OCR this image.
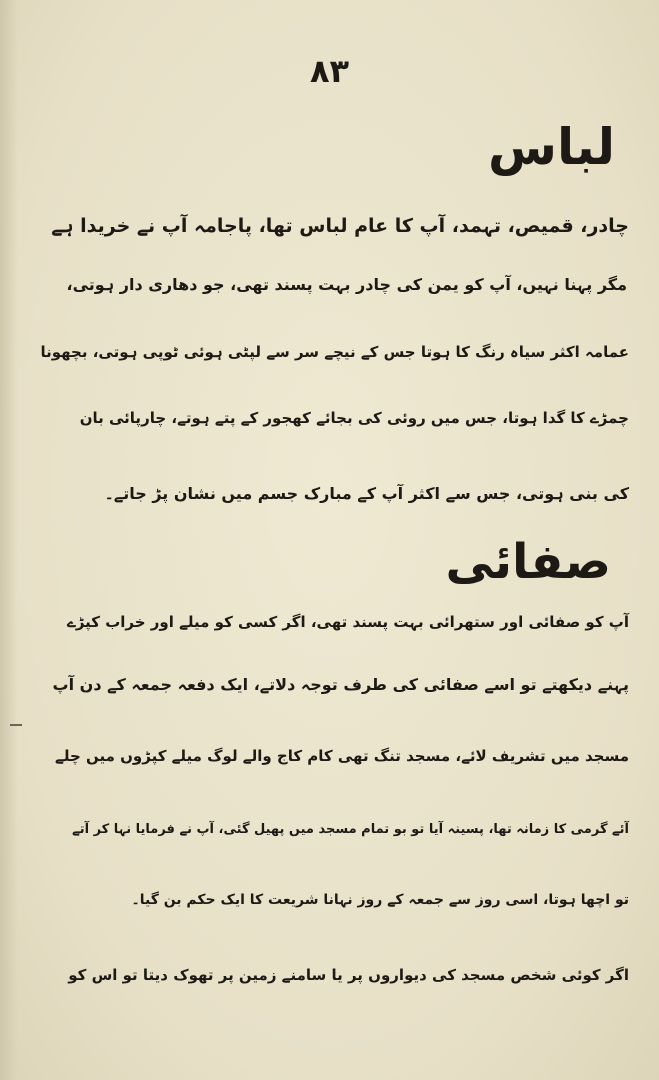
۸۳
لباس
چادر، قمیص، تہمد، آپ کا عام لباس تھا، پاجامہ آپ نے خریدا ہے
مگر پہنا نہیں، آپ کو یمن کی چادر بہت پسند تھی، جو دھاری دار ہوتی،
عمامہ اکثر سیاہ رنگ کا ہوتا جس کے نیچے سر سے لپٹی ہوئی ٹوپی ہوتی، بچھونا
چمڑے کا گدا ہوتا، جس میں روئی کی بجائے کھجور کے پتے ہوتے، چارپائی بان
کی بنی ہوتی، جس سے اکثر آپ کے مبارک جسم میں نشان پڑ جاتے۔
صفائی
آپ کو صفائی اور ستھرائی بہت پسند تھی، اگر کسی کو میلے اور خراب کپڑے
پہنے دیکھتے تو اسے صفائی کی طرف توجہ دلاتے، ایک دفعہ جمعہ کے دن آپ
مسجد میں تشریف لائے، مسجد تنگ تھی کام کاج والے لوگ میلے کپڑوں میں چلے
آئے گرمی کا زمانہ تھا، پسینہ آیا تو بو تمام مسجد میں پھیل گئی، آپ نے فرمایا نہا کر آتے
تو اچھا ہوتا، اسی روز سے جمعہ کے روز نہانا شریعت کا ایک حکم بن گیا۔
اگر کوئی شخص مسجد کی دیواروں پر یا سامنے زمین پر تھوک دیتا تو اس کو
